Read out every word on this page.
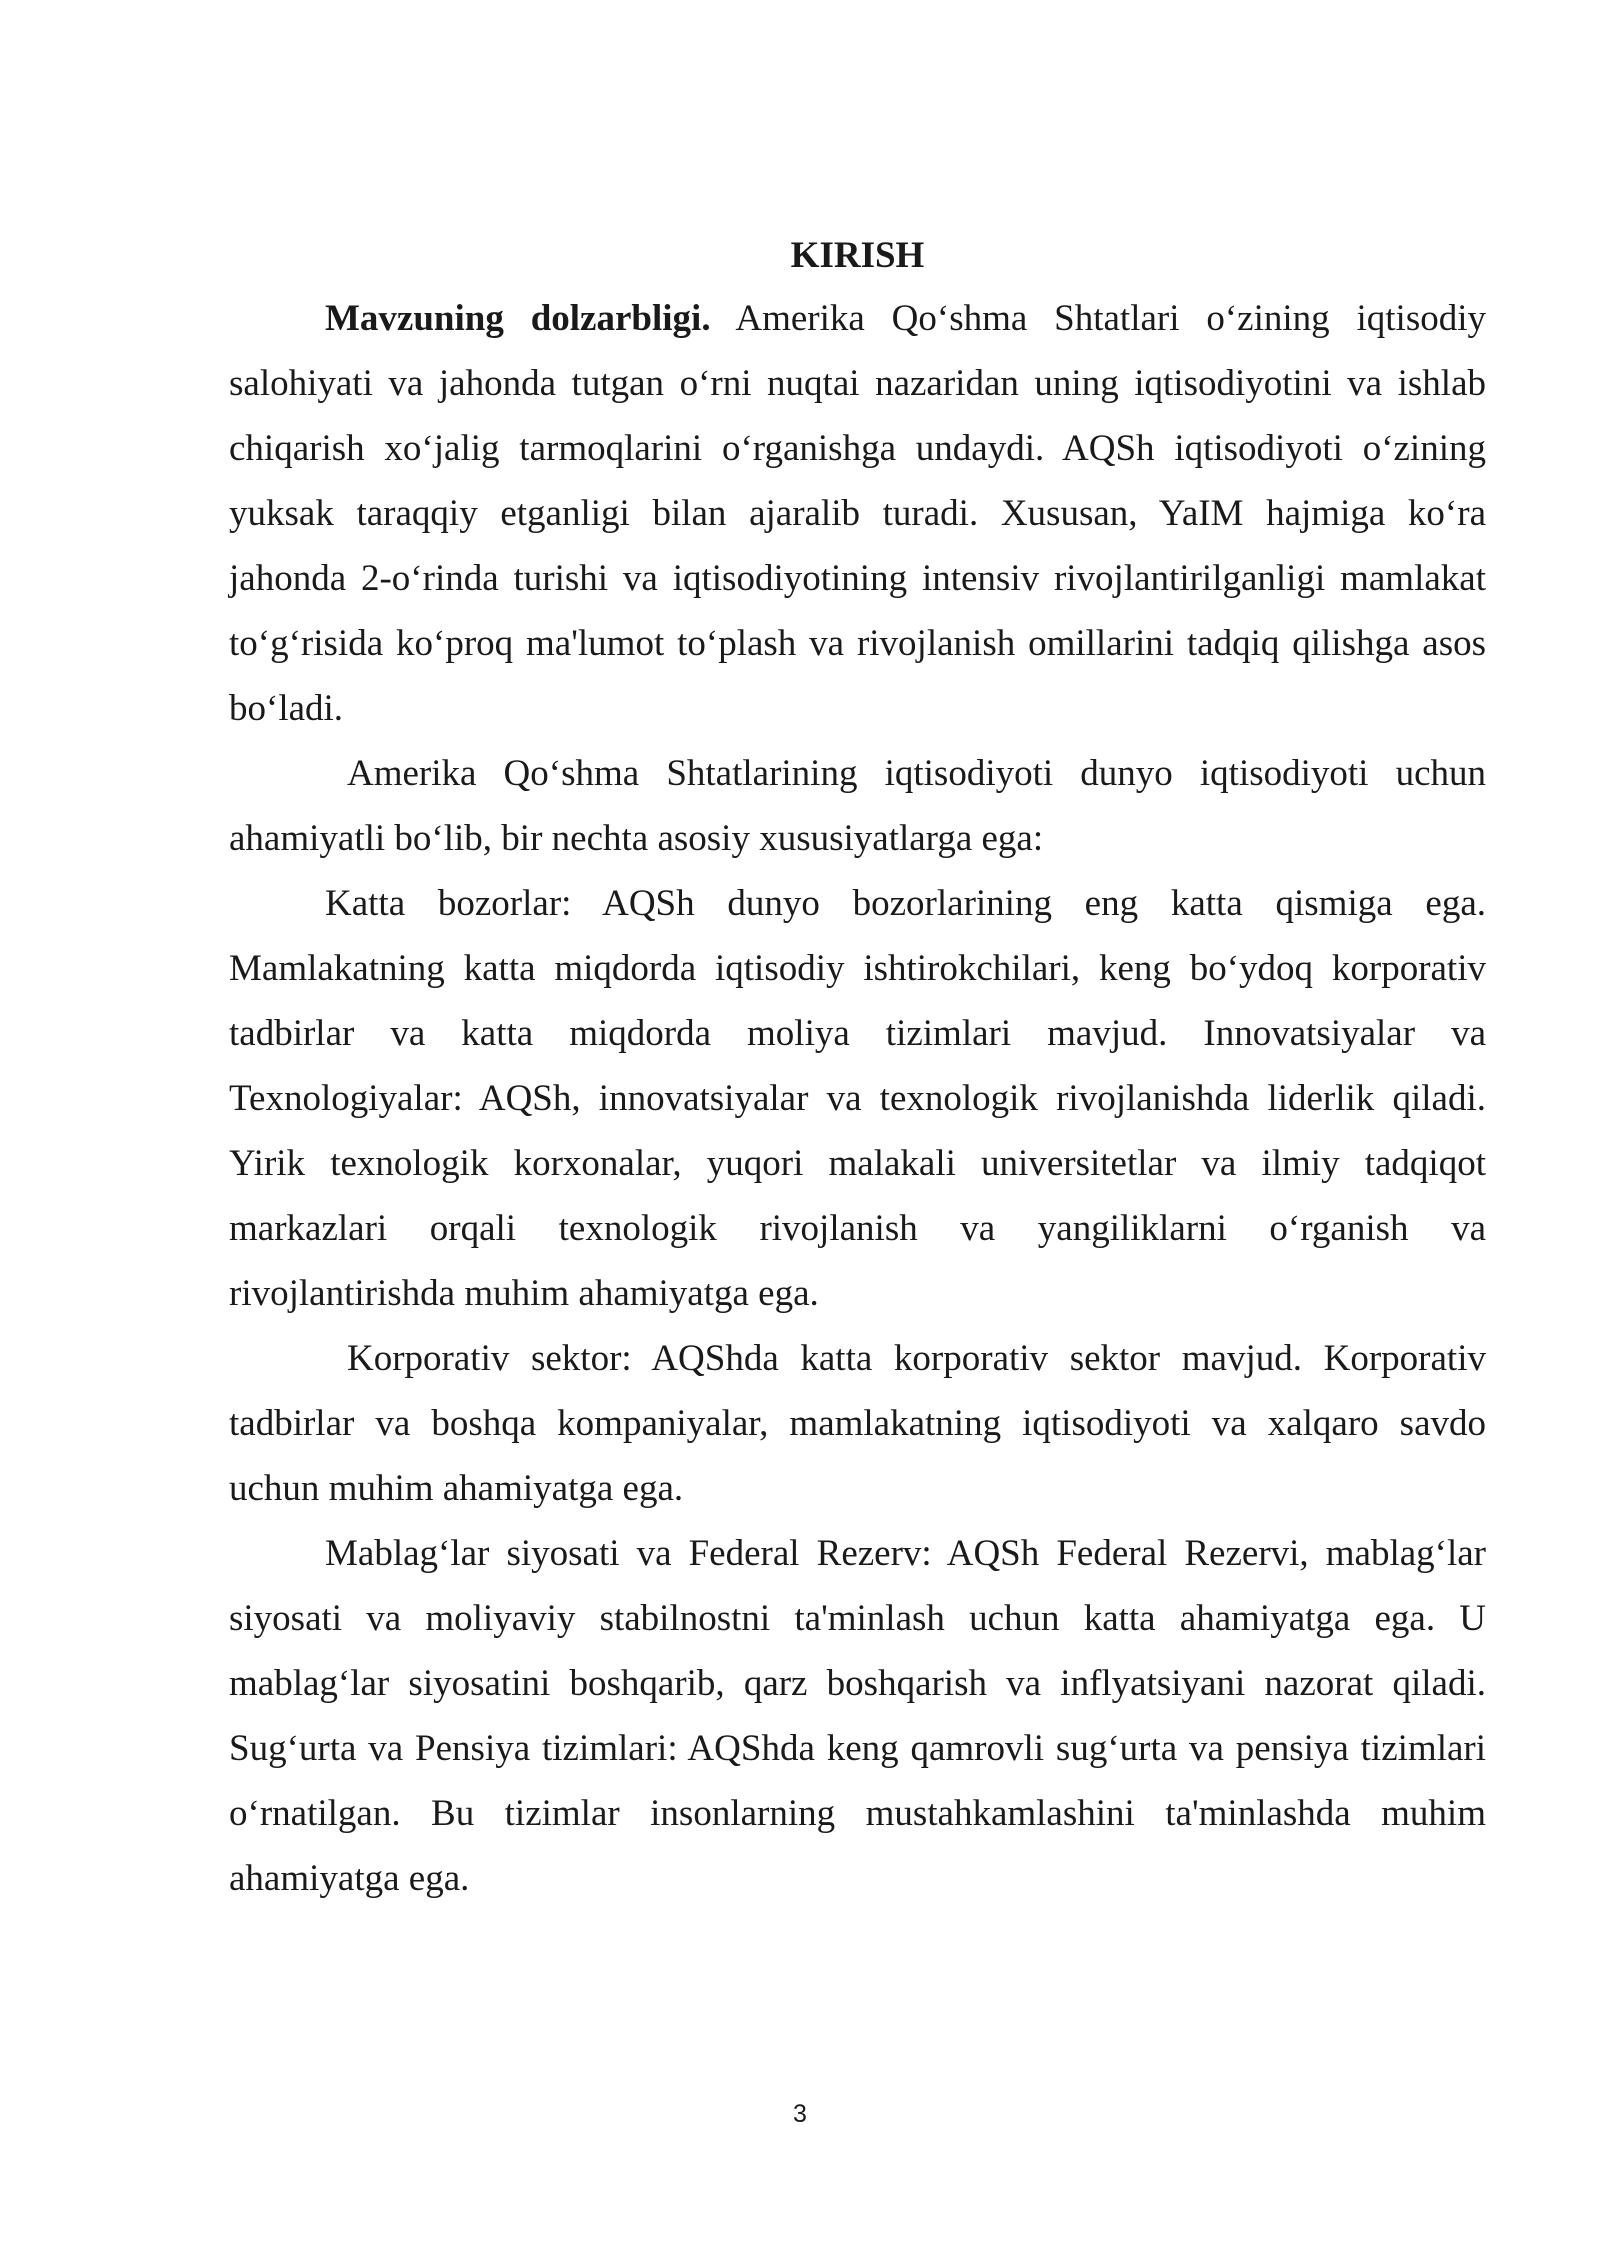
KIRISH

Mavzuning dolzarbligi. Amerika Qo‘shma Shtatlari o‘zining iqtisodiy salohiyati va jahonda tutgan o‘rni nuqtai nazaridan uning iqtisodiyotini va ishlab chiqarish xo‘jalig tarmoqlarini o‘rganishga undaydi. AQSh iqtisodiyoti o‘zining yuksak taraqqiy etganligi bilan ajaralib turadi. Xususan, YaIM hajmiga ko‘ra jahonda 2-o‘rinda turishi va iqtisodiyotining intensiv rivojlantirilganligi mamlakat to‘g‘risida ko‘proq ma'lumot to‘plash va rivojlanish omillarini tadqiq qilishga asos bo‘ladi.

Amerika Qo‘shma Shtatlarining iqtisodiyoti dunyo iqtisodiyoti uchun ahamiyatli bo‘lib, bir nechta asosiy xususiyatlarga ega:

Katta bozorlar: AQSh dunyo bozorlarining eng katta qismiga ega. Mamlakatning katta miqdorda iqtisodiy ishtirokchilari, keng bo‘ydoq korporativ tadbirlar va katta miqdorda moliya tizimlari mavjud. Innovatsiyalar va Texnologiyalar: AQSh, innovatsiyalar va texnologik rivojlanishda liderlik qiladi. Yirik texnologik korxonalar, yuqori malakali universitetlar va ilmiy tadqiqot markazlari orqali texnologik rivojlanish va yangiliklarni o‘rganish va rivojlantirishda muhim ahamiyatga ega.

Korporativ sektor: AQShda katta korporativ sektor mavjud. Korporativ tadbirlar va boshqa kompaniyalar, mamlakatning iqtisodiyoti va xalqaro savdo uchun muhim ahamiyatga ega.

Mablag‘lar siyosati va Federal Rezerv: AQSh Federal Rezervi, mablag‘lar siyosati va moliyaviy stabilnostni ta'minlash uchun katta ahamiyatga ega. U mablag‘lar siyosatini boshqarib, qarz boshqarish va inflyatsiyani nazorat qiladi. Sug‘urta va Pensiya tizimlari: AQShda keng qamrovli sug‘urta va pensiya tizimlari o‘rnatilgan. Bu tizimlar insonlarning mustahkamlashini ta'minlashda muhim ahamiyatga ega.

3
